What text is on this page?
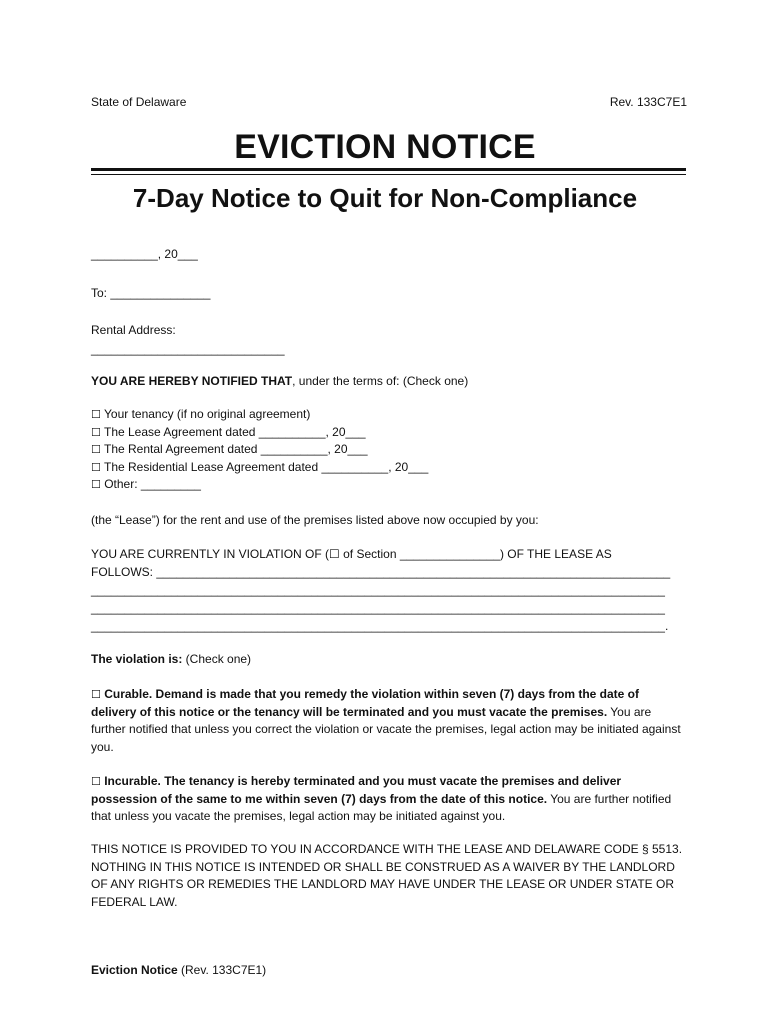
State of Delaware	Rev. 133C7E1
EVICTION NOTICE
7-Day Notice to Quit for Non-Compliance
__________, 20___
To: _______________
Rental Address:
_____________________________
YOU ARE HEREBY NOTIFIED THAT, under the terms of: (Check one)
☐ Your tenancy (if no original agreement)
☐ The Lease Agreement dated __________, 20___
☐ The Rental Agreement dated __________, 20___
☐ The Residential Lease Agreement dated __________, 20___
☐ Other: _________
(the “Lease”) for the rent and use of the premises listed above now occupied by you:
YOU ARE CURRENTLY IN VIOLATION OF (☐ of Section _______________) OF THE LEASE AS
FOLLOWS: _____________________________________________________________________________
______________________________________________________________________________________
______________________________________________________________________________________
______________________________________________________________________________________.
The violation is: (Check one)
☐ Curable. Demand is made that you remedy the violation within seven (7) days from the date of delivery of this notice or the tenancy will be terminated and you must vacate the premises. You are further notified that unless you correct the violation or vacate the premises, legal action may be initiated against you.
☐ Incurable. The tenancy is hereby terminated and you must vacate the premises and deliver possession of the same to me within seven (7) days from the date of this notice. You are further notified that unless you vacate the premises, legal action may be initiated against you.
THIS NOTICE IS PROVIDED TO YOU IN ACCORDANCE WITH THE LEASE AND DELAWARE CODE § 5513. NOTHING IN THIS NOTICE IS INTENDED OR SHALL BE CONSTRUED AS A WAIVER BY THE LANDLORD OF ANY RIGHTS OR REMEDIES THE LANDLORD MAY HAVE UNDER THE LEASE OR UNDER STATE OR FEDERAL LAW.
Eviction Notice (Rev. 133C7E1)
